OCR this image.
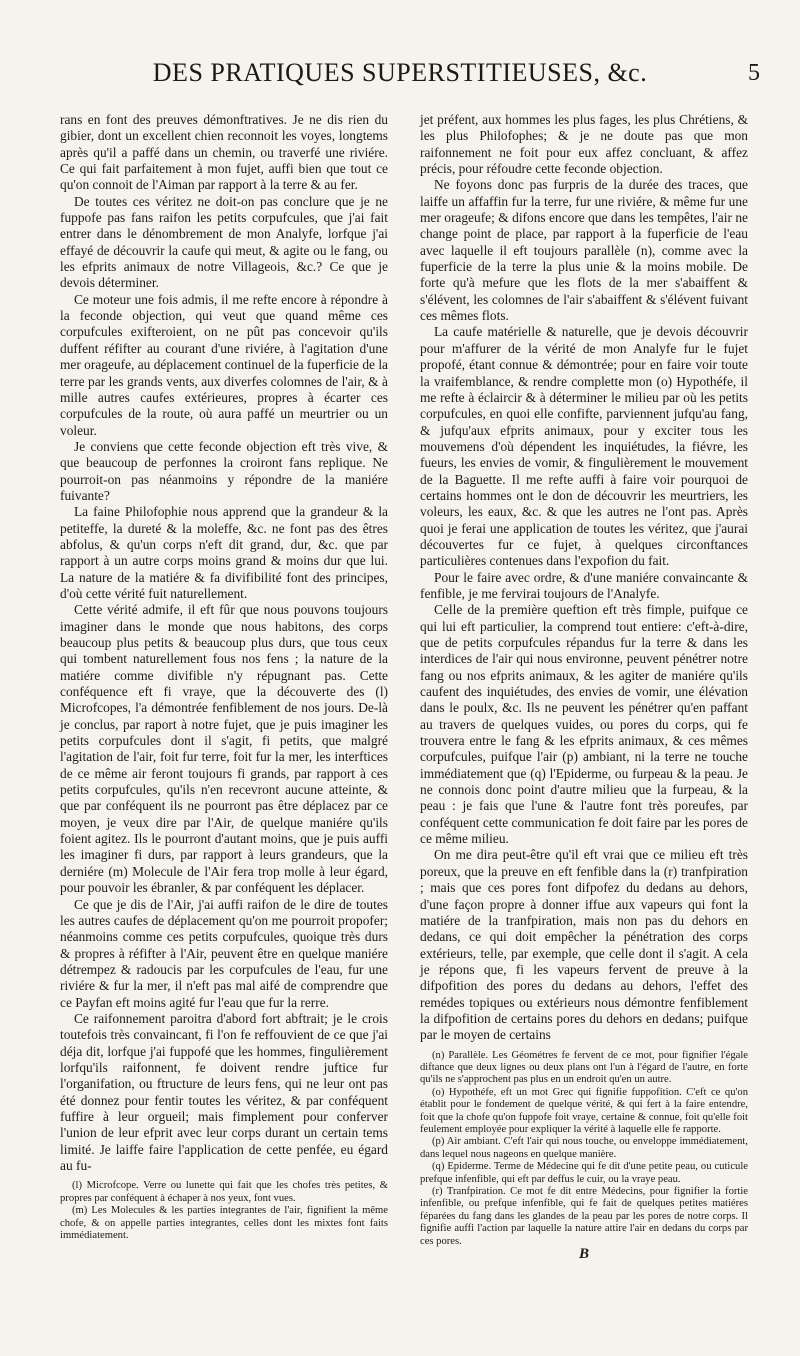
DES PRATIQUES SUPERSTITIEUSES, &c.	5

rans en font des preuves démonftratives. Je ne dis rien du gibier, dont un excellent chien reconnoit les voyes, longtems après qu'il a paffé dans un chemin, ou traverfé une riviére. Ce qui fait parfaitement à mon fujet, auffi bien que tout ce qu'on connoit de l'Aiman par rapport à la terre & au fer.

De toutes ces véritez ne doit-on pas conclure que je ne fuppofe pas fans raifon les petits corpufcules, que j'ai fait entrer dans le dénombrement de mon Analyfe, lorfque j'ai effayé de découvrir la caufe qui meut, & agite ou le fang, ou les efprits animaux de notre Villageois, &c.? Ce que je devois déterminer.

Ce moteur une fois admis, il me refte encore à répondre à la feconde objection, qui veut que quand même ces corpufcules exifteroient, on ne pût pas concevoir qu'ils duffent réfifter au courant d'une riviére, à l'agitation d'une mer orageufe, au déplacement continuel de la fuperficie de la terre par les grands vents, aux diverfes colomnes de l'air, & à mille autres caufes extérieures, propres à écarter ces corpufcules de la route, où aura paffé un meurtrier ou un voleur.

Je conviens que cette feconde objection eft très vive, & que beaucoup de perfonnes la croiront fans replique. Ne pourroit-on pas néanmoins y répondre de la maniére fuivante?

La faine Philofophie nous apprend que la grandeur & la petiteffe, la dureté & la moleffe, &c. ne font pas des êtres abfolus, & qu'un corps n'eft dit grand, dur, &c. que par rapport à un autre corps moins grand & moins dur que lui. La nature de la matiére & fa divifibilité font des principes, d'où cette vérité fuit naturellement.

Cette vérité admife, il eft fûr que nous pouvons toujours imaginer dans le monde que nous habitons, des corps beaucoup plus petits & beaucoup plus durs, que tous ceux qui tombent naturellement fous nos fens ; la nature de la matiére comme divifible n'y répugnant pas. Cette conféquence eft fi vraye, que la découverte des (l) Microfcopes, l'a démontrée fenfiblement de nos jours. De-là je conclus, par raport à notre fujet, que je puis imaginer les petits corpufcules dont il s'agit, fi petits, que malgré l'agitation de l'air, foit fur terre, foit fur la mer, les interftices de ce même air feront toujours fi grands, par rapport à ces petits corpufcules, qu'ils n'en recevront aucune atteinte, & que par conféquent ils ne pourront pas être déplacez par ce moyen, je veux dire par l'Air, de quelque maniére qu'ils foient agitez. Ils le pourront d'autant moins, que je puis auffi les imaginer fi durs, par rapport à leurs grandeurs, que la derniére (m) Molecule de l'Air fera trop molle à leur égard, pour pouvoir les ébranler, & par conféquent les déplacer.

Ce que je dis de l'Air, j'ai auffi raifon de le dire de toutes les autres caufes de déplacement qu'on me pourroit propofer; néanmoins comme ces petits corpufcules, quoique très durs & propres à réfifter à l'Air, peuvent être en quelque maniére détrempez & radoucis par les corpufcules de l'eau, fur une riviére & fur la mer, il n'eft pas mal aifé de comprendre que ce Payfan eft moins agité fur l'eau que fur la rerre.

Ce raifonnement paroitra d'abord fort abftrait; je le crois toutefois très convaincant, fi l'on fe reffouvient de ce que j'ai déja dit, lorfque j'ai fuppofé que les hommes, fingulièrement lorfqu'ils raifonnent, fe doivent rendre juftice fur l'organifation, ou ftructure de leurs fens, qui ne leur ont pas été donnez pour fentir toutes les véritez, & par conféquent fuffire à leur orgueil; mais fimplement pour conferver l'union de leur efprit avec leur corps durant un certain tems limité. Je laiffe faire l'application de cette penfée, eu égard au fu-

(l) Microfcope. Verre ou lunette qui fait que les chofes très petites, & propres par conféquent à échaper à nos yeux, font vues.

(m) Les Molecules & les parties integrantes de l'air, fignifient la même chofe, & on appelle parties integrantes, celles dont les mixtes font faits immédiatement.

jet préfent, aux hommes les plus fages, les plus Chrétiens, & les plus Philofophes; & je ne doute pas que mon raifonnement ne foit pour eux affez concluant, & affez précis, pour réfoudre cette feconde objection.

Ne foyons donc pas furpris de la durée des traces, que laiffe un affaffin fur la terre, fur une riviére, & même fur une mer orageufe; & difons encore que dans les tempêtes, l'air ne change point de place, par rapport à la fuperficie de l'eau avec laquelle il eft toujours parallèle (n), comme avec la fuperficie de la terre la plus unie & la moins mobile. De forte qu'à mefure que les flots de la mer s'abaiffent & s'élévent, les colomnes de l'air s'abaiffent & s'élévent fuivant ces mêmes flots.

La caufe matérielle & naturelle, que je devois découvrir pour m'affurer de la vérité de mon Analyfe fur le fujet propofé, étant connue & démontrée; pour en faire voir toute la vraifemblance, & rendre complette mon (o) Hypothéfe, il me refte à éclaircir & à déterminer le milieu par où les petits corpufcules, en quoi elle confifte, parviennent jufqu'au fang, & jufqu'aux efprits animaux, pour y exciter tous les mouvemens d'où dépendent les inquiétudes, la fiévre, les fueurs, les envies de vomir, & fingulièrement le mouvement de la Baguette. Il me refte auffi à faire voir pourquoi de certains hommes ont le don de découvrir les meurtriers, les voleurs, les eaux, &c. & que les autres ne l'ont pas. Après quoi je ferai une application de toutes les véritez, que j'aurai découvertes fur ce fujet, à quelques circonftances particulières contenues dans l'expofion du fait.

Pour le faire avec ordre, & d'une maniére convaincante & fenfible, je me fervirai toujours de l'Analyfe.

Celle de la première queftion eft très fimple, puifque ce qui lui eft particulier, la comprend tout entiere: c'eft-à-dire, que de petits corpufcules répandus fur la terre & dans les interdices de l'air qui nous environne, peuvent pénétrer notre fang ou nos efprits animaux, & les agiter de maniére qu'ils caufent des inquiétudes, des envies de vomir, une élévation dans le poulx, &c. Ils ne peuvent les pénétrer qu'en paffant au travers de quelques vuides, ou pores du corps, qui fe trouvera entre le fang & les efprits animaux, & ces mêmes corpufcules, puifque l'air (p) ambiant, ni la terre ne touche immédiatement que (q) l'Epiderme, ou furpeau & la peau. Je ne connois donc point d'autre milieu que la furpeau, & la peau : je fais que l'une & l'autre font très poreufes, par conféquent cette communication fe doit faire par les pores de ce même milieu.

On me dira peut-être qu'il eft vrai que ce milieu eft très poreux, que la preuve en eft fenfible dans la (r) tranfpiration ; mais que ces pores font difpofez du dedans au dehors, d'une façon propre à donner iffue aux vapeurs qui font la matiére de la tranfpiration, mais non pas du dehors en dedans, ce qui doit empêcher la pénétration des corps extérieurs, telle, par exemple, que celle dont il s'agit. A cela je répons que, fi les vapeurs fervent de preuve à la difpofition des pores du dedans au dehors, l'effet des remédes topiques ou extérieurs nous démontre fenfiblement la difpofition de certains pores du dehors en dedans; puifque par le moyen de certains

(n) Parallèle. Les Géométres fe fervent de ce mot, pour fignifier l'égale diftance que deux lignes ou deux plans ont l'un à l'égard de l'autre, en forte qu'ils ne s'approchent pas plus en un endroit qu'en un autre.

(o) Hypothéfe, eft un mot Grec qui fignifie fuppofition. C'eft ce qu'on établit pour le fondement de quelque vérité, & qui fert à la faire entendre, foit que la chofe qu'on fuppofe foit vraye, certaine & connue, foit qu'elle foit feulement employée pour expliquer la vérité à laquelle elle fe rapporte.

(p) Air ambiant. C'eft l'air qui nous touche, ou enveloppe immédiatement, dans lequel nous nageons en quelque manière.

(q) Epiderme. Terme de Médecine qui fe dit d'une petite peau, ou cuticule prefque infenfible, qui eft par deffus le cuir, ou la vraye peau.

(r) Tranfpiration. Ce mot fe dit entre Médecins, pour fignifier la fortie infenfible, ou prefque infenfible, qui fe fait de quelques petites matiéres féparées du fang dans les glandes de la peau par les pores de notre corps. Il fignifie auffi l'action par laquelle la nature attire l'air en dedans du corps par ces pores.

B
